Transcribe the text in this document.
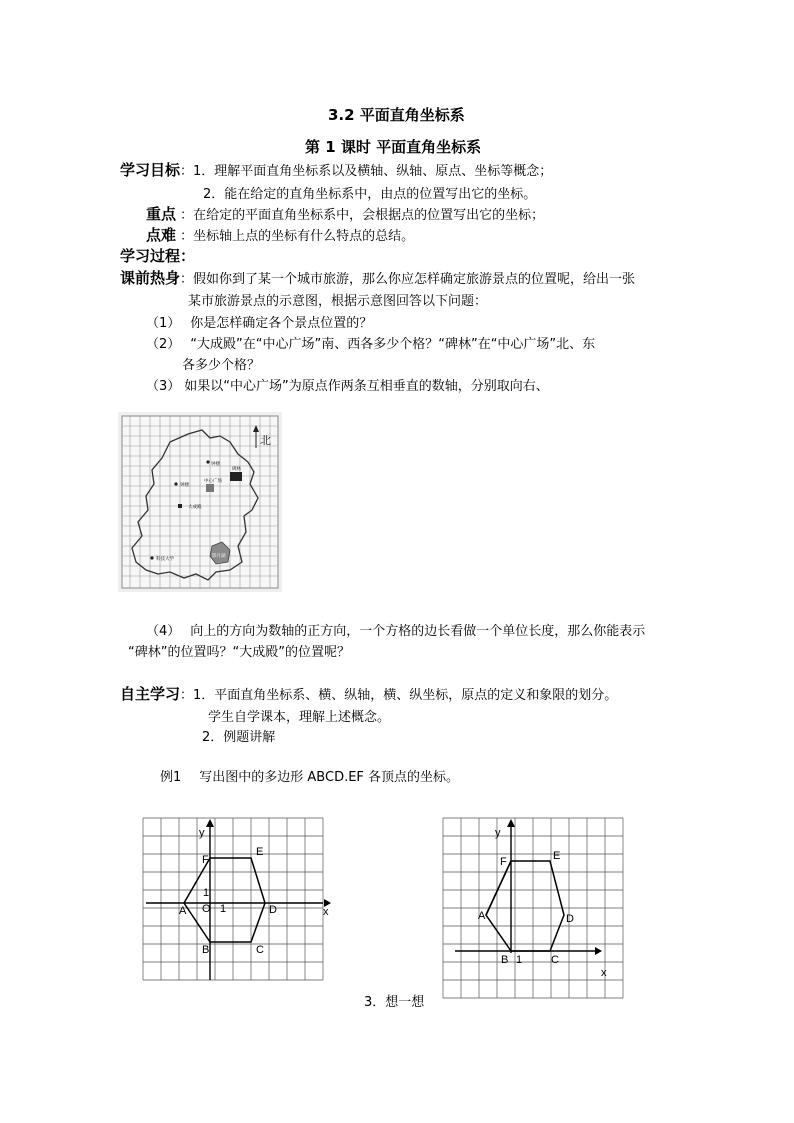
3.2 平面直角坐标系
第 1 课时 平面直角坐标系
学习目标：1．理解平面直角坐标系以及横轴、纵轴、原点、坐标等概念；
2．能在给定的直角坐标系中，由点的位置写出它的坐标。
重点 ：在给定的平面直角坐标系中，会根据点的位置写出它的坐标；
点难 ：坐标轴上点的坐标有什么特点的总结。
学习过程：
课前热身：假如你到了某一个城市旅游，那么你应怎样确定旅游景点的位置呢，给出一张
某市旅游景点的示意图，根据示意图回答以下问题：
（1） 你是怎样确定各个景点位置的？
（2） “大成殿”在“中心广场”南、西各多少个格？“碑林”在“中心广场”北、东
各多少个格？
（3） 如果以“中心广场”为原点作两条互相垂直的数轴，分别取向右、
北
钟楼
碑林
中心广场
钟楼
大成殿
科技大学
影月湖
（4） 向上的方向为数轴的正方向，一个方格的边长看做一个单位长度，那么你能表示
“碑林”的位置吗？“大成殿”的位置呢？
自主学习：1．平面直角坐标系、横、纵轴，横、纵坐标，原点的定义和象限的划分。
学生自学课本，理解上述概念。
2．例题讲解
例1 写出图中的多边形 ABCD.EF 各顶点的坐标。
y
x
O 1
1
A
B	C
D
E
F
y
x
1
A
B	C
D
E
F
3．想一想
